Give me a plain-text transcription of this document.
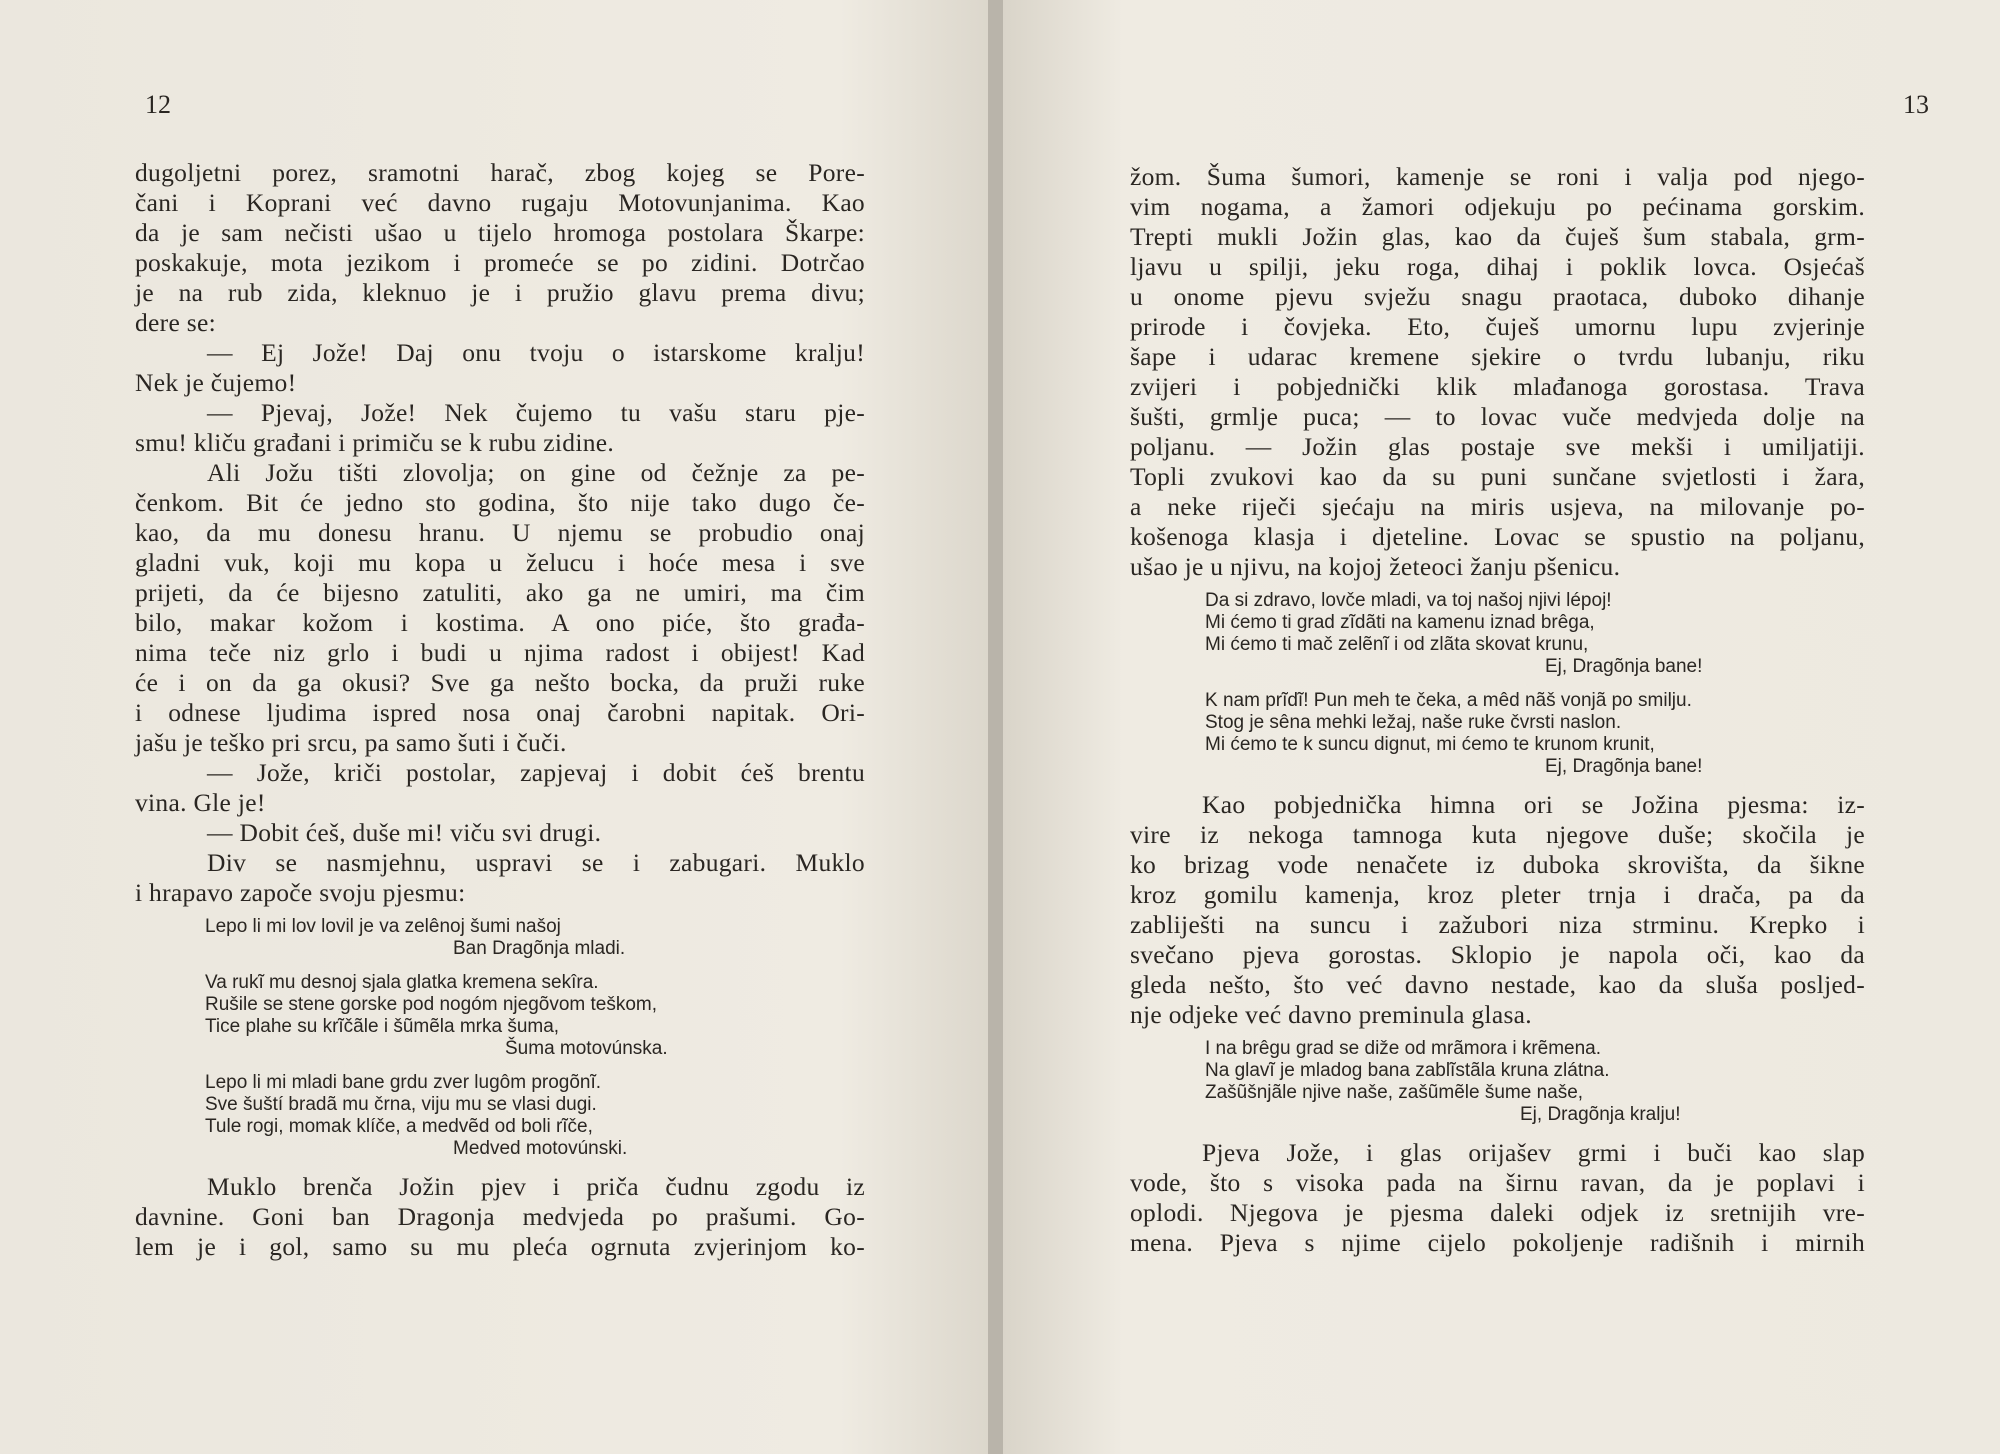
12
dugoljetni porez, sramotni harač, zbog kojeg se Pore-
čani i Koprani već davno rugaju Motovunjanima. Kao
da je sam nečisti ušao u tijelo hromoga postolara Škarpe:
poskakuje, mota jezikom i promeće se po zidini. Dotrčao
je na rub zida, kleknuo je i pružio glavu prema divu;
dere se:
— Ej Jože! Daj onu tvoju o istarskome kralju!
Nek je čujemo!
— Pjevaj, Jože! Nek čujemo tu vašu staru pje-
smu! kliču građani i primiču se k rubu zidine.
Ali Jožu tišti zlovolja; on gine od čežnje za pe-
čenkom. Bit će jedno sto godina, što nije tako dugo če-
kao, da mu donesu hranu. U njemu se probudio onaj
gladni vuk, koji mu kopa u želucu i hoće mesa i sve
prijeti, da će bijesno zatuliti, ako ga ne umiri, ma čim
bilo, makar kožom i kostima. A ono piće, što građa-
nima teče niz grlo i budi u njima radost i obijest! Kad
će i on da ga okusi? Sve ga nešto bocka, da pruži ruke
i odnese ljudima ispred nosa onaj čarobni napitak. Ori-
jašu je teško pri srcu, pa samo šuti i čuči.
— Jože, kriči postolar, zapjevaj i dobit ćeš brentu
vina. Gle je!
— Dobit ćeš, duše mi! viču svi drugi.
Div se nasmjehnu, uspravi se i zabugari. Muklo
i hrapavo započe svoju pjesmu:
Lepo li mi lov lovil je va zelênoj šumi našoj
Ban Dragõnja mladi.
Va rukĩ mu desnoj sjala glatka kremena sekîra.
Rušile se stene gorske pod nogóm njegõvom teškom,
Tice plahe su krĩčãle i šũmẽla mrka šuma,
Šuma motovúnska.
Lepo li mi mladi bane grdu zver lugôm progõnĩ.
Sve šuští bradã mu črna, viju mu se vlasi dugi.
Tule rogi, momak klíče, a medvẽd od boli rĩče,
Medved motovúnski.
Muklo brenča Jožin pjev i priča čudnu zgodu iz
davnine. Goni ban Dragonja medvjeda po prašumi. Go-
lem je i gol, samo su mu pleća ogrnuta zvjerinjom ko-
13
žom. Šuma šumori, kamenje se roni i valja pod njego-
vim nogama, a žamori odjekuju po pećinama gorskim.
Trepti mukli Jožin glas, kao da čuješ šum stabala, grm-
ljavu u spilji, jeku roga, dihaj i poklik lovca. Osjećaš
u onome pjevu svježu snagu praotaca, duboko dihanje
prirode i čovjeka. Eto, čuješ umornu lupu zvjerinje
šape i udarac kremene sjekire o tvrdu lubanju, riku
zvijeri i pobjednički klik mlađanoga gorostasa. Trava
šušti, grmlje puca; — to lovac vuče medvjeda dolje na
poljanu. — Jožin glas postaje sve mekši i umiljatiji.
Topli zvukovi kao da su puni sunčane svjetlosti i žara,
a neke riječi sjećaju na miris usjeva, na milovanje po-
košenoga klasja i djeteline. Lovac se spustio na poljanu,
ušao je u njivu, na kojoj žeteoci žanju pšenicu.
Da si zdravo, lovče mladi, va toj našoj njivi lépoj!
Mi ćemo ti grad zĩdãti na kamenu iznad brêga,
Mi ćemo ti mač zelẽnĩ i od zlãta skovat krunu,
Ej, Dragõnja bane!
K nam prĩdĩ! Pun meh te čeka, a mêd nãš vonjã po smilju.
Stog je sêna mehki ležaj, naše ruke čvrsti naslon.
Mi ćemo te k suncu dignut, mi ćemo te krunom krunit,
Ej, Dragõnja bane!
Kao pobjednička himna ori se Jožina pjesma: iz-
vire iz nekoga tamnoga kuta njegove duše; skočila je
ko brizag vode nenačete iz duboka skrovišta, da šikne
kroz gomilu kamenja, kroz pleter trnja i drača, pa da
zabliješti na suncu i zažubori niza strminu. Krepko i
svečano pjeva gorostas. Sklopio je napola oči, kao da
gleda nešto, što već davno nestade, kao da sluša posljed-
nje odjeke već davno preminula glasa.
I na brêgu grad se diže od mrãmora i krẽmena.
Na glavĩ je mladog bana zablĩstãla kruna zlátna.
Zašũšnjãle njive naše, zašũmẽle šume naše,
Ej, Dragõnja kralju!
Pjeva Jože, i glas orijašev grmi i buči kao slap
vode, što s visoka pada na širnu ravan, da je poplavi i
oplodi. Njegova je pjesma daleki odjek iz sretnijih vre-
mena. Pjeva s njime cijelo pokoljenje radišnih i mirnih
